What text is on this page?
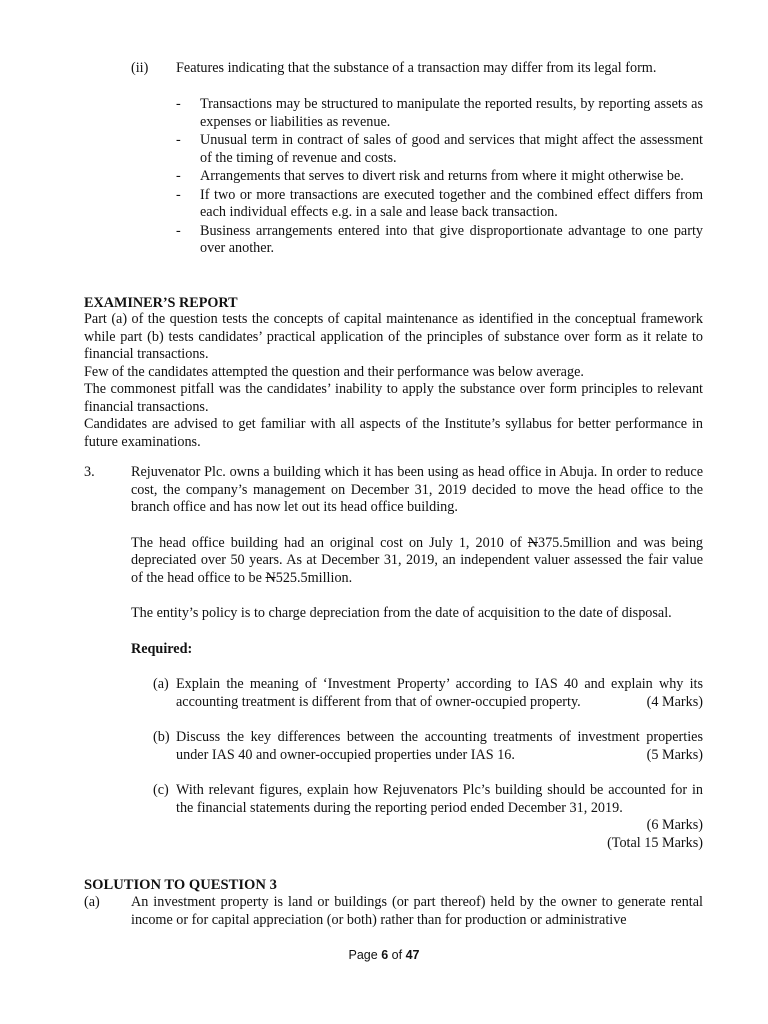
(ii) Features indicating that the substance of a transaction may differ from its legal form.
- Transactions may be structured to manipulate the reported results, by reporting assets as expenses or liabilities as revenue.
- Unusual term in contract of sales of good and services that might affect the assessment of the timing of revenue and costs.
- Arrangements that serves to divert risk and returns from where it might otherwise be.
- If two or more transactions are executed together and the combined effect differs from each individual effects e.g. in a sale and lease back transaction.
- Business arrangements entered into that give disproportionate advantage to one party over another.
EXAMINER’S REPORT

Part (a) of the question tests the concepts of capital maintenance as identified in the conceptual framework while part (b) tests candidates’ practical application of the principles of substance over form as it relate to financial transactions.

Few of the candidates attempted the question and their performance was below average.

The commonest pitfall was the candidates’ inability to apply the substance over form principles to relevant financial transactions.

Candidates are advised to get familiar with all aspects of the Institute’s syllabus for better performance in future examinations.

3.	Rejuvenator Plc. owns a building which it has been using as head office in Abuja. In order to reduce cost, the company’s management on December 31, 2019 decided to move the head office to the branch office and has now let out its head office building.

The head office building had an original cost on July 1, 2010 of N375.5million and was being depreciated over 50 years. As at December 31, 2019, an independent valuer assessed the fair value of the head office to be N525.5million.

The entity’s policy is to charge depreciation from the date of acquisition to the date of disposal.

Required:

(a) Explain the meaning of ‘Investment Property’ according to IAS 40 and explain why its accounting treatment is different from that of owner-occupied property.	(4 Marks)
(b) Discuss the key differences between the accounting treatments of investment properties under IAS 40 and owner-occupied properties under IAS 16.	(5 Marks)
(c) With relevant figures, explain how Rejuvenators Plc’s building should be accounted for in the financial statements during the reporting period ended December 31, 2019.
(6 Marks)
(Total 15 Marks)
SOLUTION TO QUESTION 3
(a) An investment property is land or buildings (or part thereof) held by the owner to generate rental income or for capital appreciation (or both) rather than for production or administrative
Page 6 of 47
